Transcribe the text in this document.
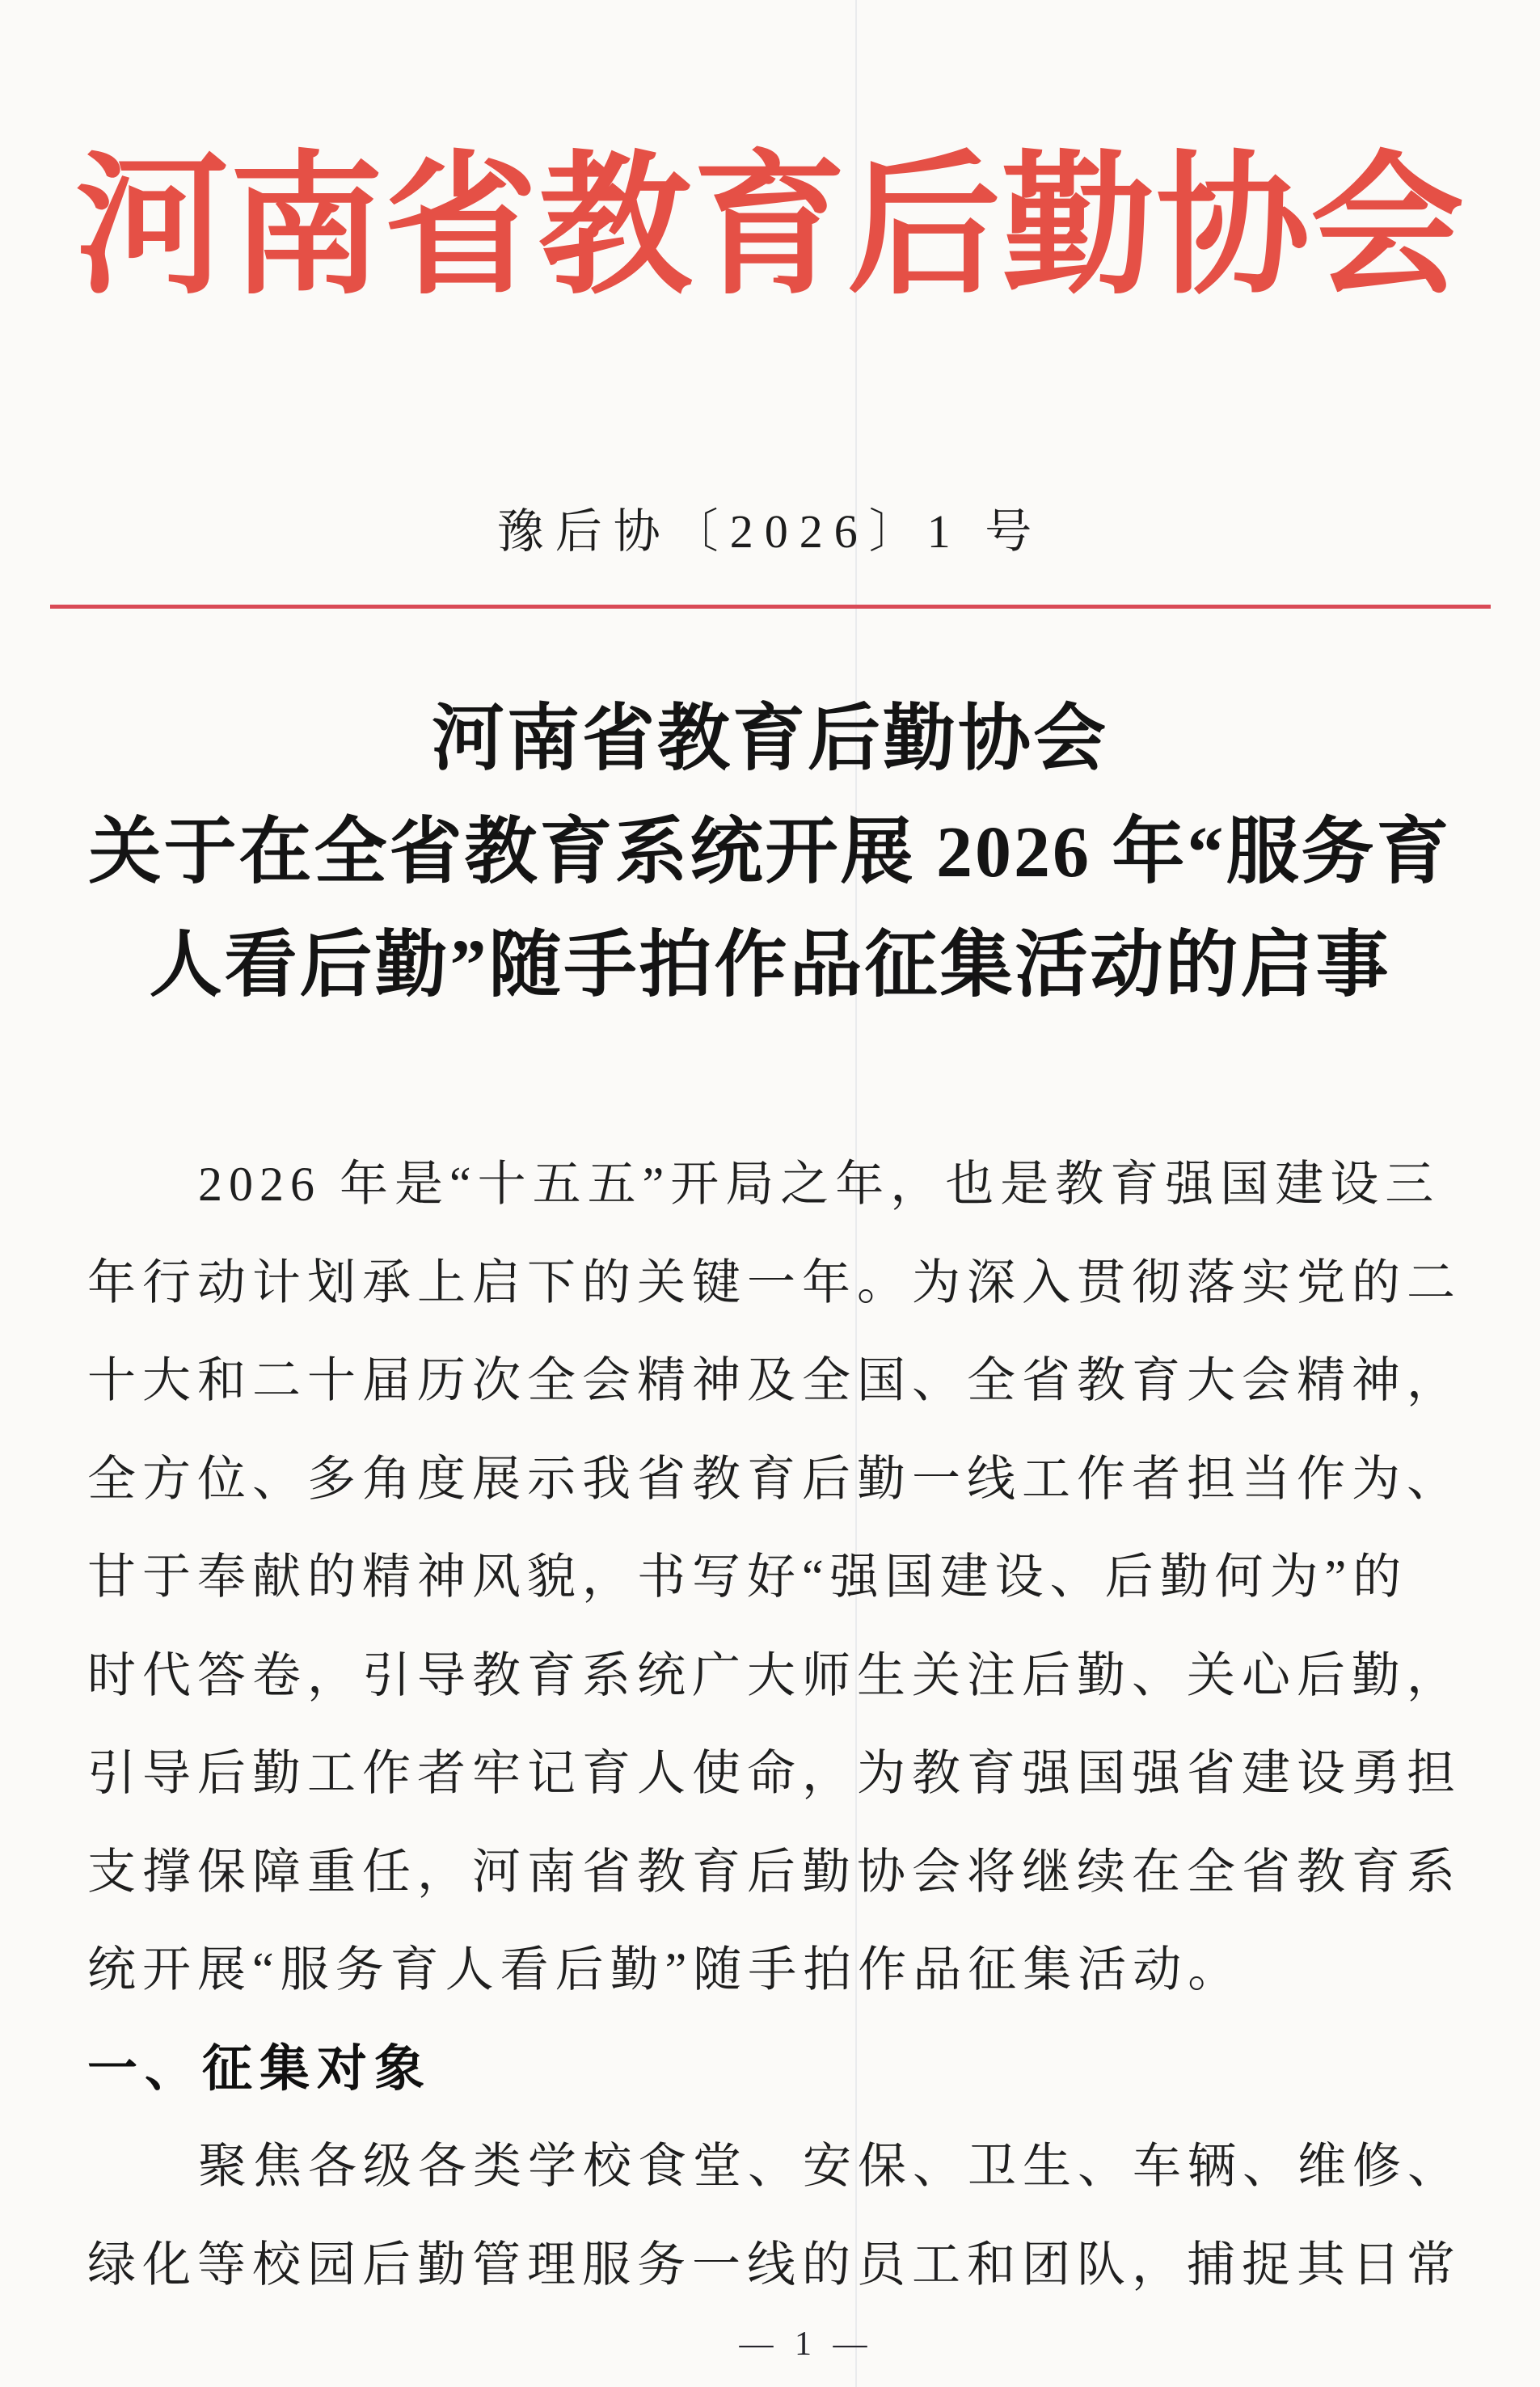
河南省教育后勤协会
豫后协〔2026〕1 号
河南省教育后勤协会
关于在全省教育系统开展 2026 年“服务育
人看后勤”随手拍作品征集活动的启事
2026 年是“十五五”开局之年，也是教育强国建设三
年行动计划承上启下的关键一年。为深入贯彻落实党的二
十大和二十届历次全会精神及全国、全省教育大会精神，
全方位、多角度展示我省教育后勤一线工作者担当作为、
甘于奉献的精神风貌，书写好“强国建设、后勤何为”的
时代答卷，引导教育系统广大师生关注后勤、关心后勤，
引导后勤工作者牢记育人使命，为教育强国强省建设勇担
支撑保障重任，河南省教育后勤协会将继续在全省教育系
统开展“服务育人看后勤”随手拍作品征集活动。
一、征集对象
聚焦各级各类学校食堂、安保、卫生、车辆、维修、
绿化等校园后勤管理服务一线的员工和团队，捕捉其日常
— 1 —
